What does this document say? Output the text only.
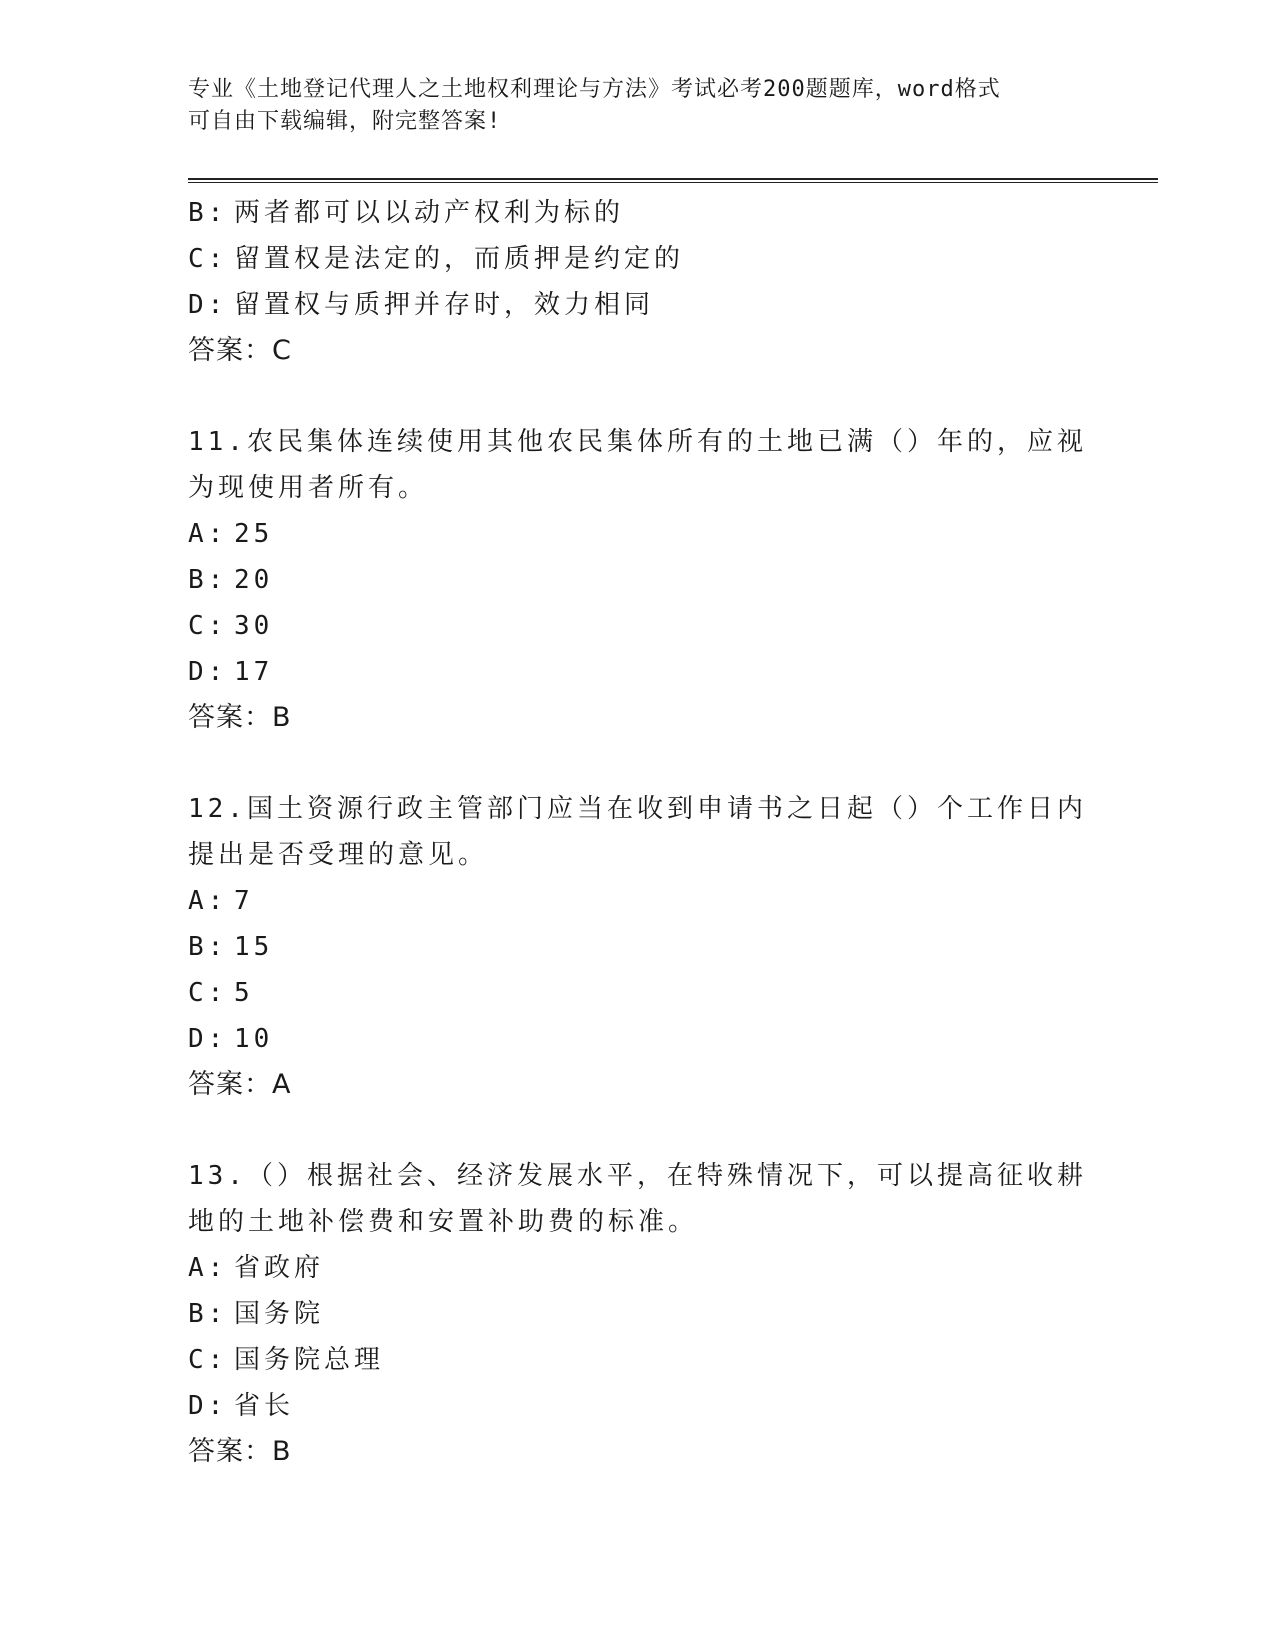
专业《土地登记代理人之土地权利理论与方法》考试必考200题题库，word格式

可自由下载编辑，附完整答案!

B: 两者都可以以动产权利为标的
C: 留置权是法定的，而质押是约定的
D: 留置权与质押并存时，效力相同
答案：C
11.农民集体连续使用其他农民集体所有的土地已满（）年的，应视为现使用者所有。
A: 25
B: 20
C: 30
D: 17
答案：B
12.国土资源行政主管部门应当在收到申请书之日起（）个工作日内提出是否受理的意见。
A: 7
B: 15
C: 5
D: 10
答案：A
13.（）根据社会、经济发展水平，在特殊情况下，可以提高征收耕地的土地补偿费和安置补助费的标准。
A: 省政府
B: 国务院
C: 国务院总理
D: 省长
答案：B
